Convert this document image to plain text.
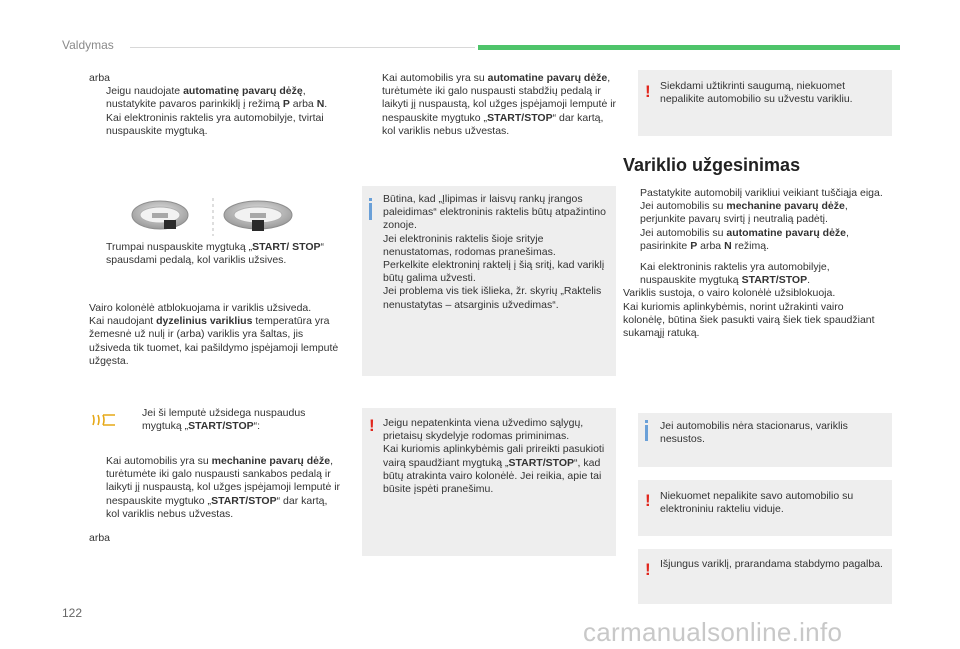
Valdymas

arba

Jeigu naudojate automatinę pavarų dėžę, nustatykite pavaros parinkiklį į režimą P arba N.

Kai elektroninis raktelis yra automobilyje, tvirtai nuspauskite mygtuką.

Trumpai nuspauskite mygtuką „START/ STOP“ spausdami pedalą, kol variklis užsives.

Vairo kolonėlė atblokuojama ir variklis užsiveda.

Kai naudojant dyzelinius variklius temperatūra yra žemesnė už nulį ir (arba) variklis yra šaltas, jis užsiveda tik tuomet, kai pašildymo įspėjamoji lemputė užgęsta.

Jei ši lemputė užsidega nuspaudus mygtuką „START/STOP“:

Kai automobilis yra su mechanine pavarų dėže, turėtumėte iki galo nuspausti sankabos pedalą ir laikyti jį nuspaustą, kol užges įspėjamoji lemputė ir nespauskite mygtuko „START/STOP“ dar kartą, kol variklis nebus užvestas.

arba

Kai automobilis yra su automatine pavarų dėže, turėtumėte iki galo nuspausti stabdžių pedalą ir laikyti jį nuspaustą, kol užges įspėjamoji lemputė ir nespauskite mygtuko „START/STOP“ dar kartą, kol variklis nebus užvestas.

Būtina, kad „Įlipimas ir laisvų rankų įrangos paleidimas“ elektroninis raktelis būtų atpažintino zonoje.

Jei elektroninis raktelis šioje srityje nenustatomas, rodomas pranešimas.

Perkelkite elektroninį raktelį į šią sritį, kad variklį būtų galima užvesti.

Jei problema vis tiek išlieka, žr. skyrių „Raktelis nenustatytas – atsarginis užvedimas“.

! Jeigu nepatenkinta viena užvedimo sąlygų, prietaisų skydelyje rodomas priminimas.

Kai kuriomis aplinkybėmis gali prireikti pasukioti vairą spaudžiant mygtuką „START/STOP“, kad būtų atrakinta vairo kolonėlė. Jei reikia, apie tai būsite įspėti pranešimu.

! Siekdami užtikrinti saugumą, niekuomet nepalikite automobilio su užvestu varikliu.
Variklio užgesinimas

Pastatykite automobilį varikliui veikiant tuščiąja eiga.

Jei automobilis su mechanine pavarų dėže, perjunkite pavarų svirtį į neutralią padėtį.

Jei automobilis su automatine pavarų dėže, pasirinkite P arba N režimą.

Kai elektroninis raktelis yra automobilyje, nuspauskite mygtuką START/STOP.

Variklis sustoja, o vairo kolonėlė užsiblokuoja.

Kai kuriomis aplinkybėmis, norint užrakinti vairo kolonėlę, būtina šiek pasukti vairą šiek tiek spaudžiant sukamąjį ratuką.

Jei automobilis nėra stacionarus, variklis nesustos.
! Niekuomet nepalikite savo automobilio su elektroniniu rakteliu viduje.
! Išjungus variklį, prarandama stabdymo pagalba.
122
carmanualsonline.info
